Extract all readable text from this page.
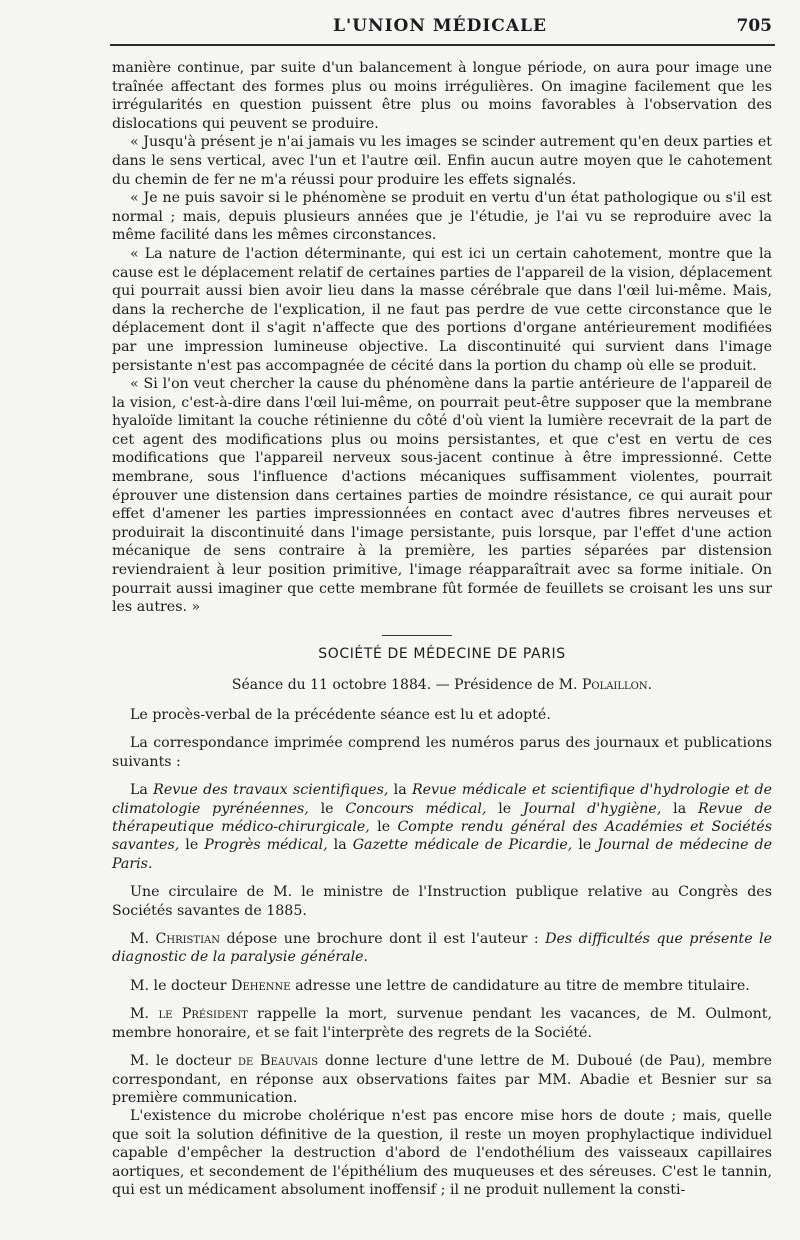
L'UNION MÉDICALE	705

manière continue, par suite d'un balancement à longue période, on aura pour image une traînée affectant des formes plus ou moins irrégulières. On imagine facilement que les irrégularités en question puissent être plus ou moins favorables à l'observation des dislocations qui peuvent se produire.

« Jusqu'à présent je n'ai jamais vu les images se scinder autrement qu'en deux parties et dans le sens vertical, avec l'un et l'autre œil. Enfin aucun autre moyen que le cahotement du chemin de fer ne m'a réussi pour produire les effets signalés.

« Je ne puis savoir si le phénomène se produit en vertu d'un état pathologique ou s'il est normal ; mais, depuis plusieurs années que je l'étudie, je l'ai vu se reproduire avec la même facilité dans les mêmes circonstances.

« La nature de l'action déterminante, qui est ici un certain cahotement, montre que la cause est le déplacement relatif de certaines parties de l'appareil de la vision, déplacement qui pourrait aussi bien avoir lieu dans la masse cérébrale que dans l'œil lui-même. Mais, dans la recherche de l'explication, il ne faut pas perdre de vue cette circonstance que le déplacement dont il s'agit n'affecte que des portions d'organe antérieurement modifiées par une impression lumineuse objective. La discontinuité qui survient dans l'image persistante n'est pas accompagnée de cécité dans la portion du champ où elle se produit.

« Si l'on veut chercher la cause du phénomène dans la partie antérieure de l'appareil de la vision, c'est-à-dire dans l'œil lui-même, on pourrait peut-être supposer que la membrane hyaloïde limitant la couche rétinienne du côté d'où vient la lumière recevrait de la part de cet agent des modifications plus ou moins persistantes, et que c'est en vertu de ces modifications que l'appareil nerveux sous-jacent continue à être impressionné. Cette membrane, sous l'influence d'actions mécaniques suffisamment violentes, pourrait éprouver une distension dans certaines parties de moindre résistance, ce qui aurait pour effet d'amener les parties impressionnées en contact avec d'autres fibres nerveuses et produirait la discontinuité dans l'image persistante, puis lorsque, par l'effet d'une action mécanique de sens contraire à la première, les parties séparées par distension reviendraient à leur position primitive, l'image réapparaîtrait avec sa forme initiale. On pourrait aussi imaginer que cette membrane fût formée de feuillets se croisant les uns sur les autres. »

SOCIÉTÉ DE MÉDECINE DE PARIS
Séance du 11 octobre 1884. — Présidence de M. Polaillon.

Le procès-verbal de la précédente séance est lu et adopté.

La correspondance imprimée comprend les numéros parus des journaux et publications suivants :

La Revue des travaux scientifiques, la Revue médicale et scientifique d'hydrologie et de climatologie pyrénéennes, le Concours médical, le Journal d'hygiène, la Revue de thérapeutique médico-chirurgicale, le Compte rendu général des Académies et Sociétés savantes, le Progrès médical, la Gazette médicale de Picardie, le Journal de médecine de Paris.

Une circulaire de M. le ministre de l'Instruction publique relative au Congrès des Sociétés savantes de 1885.

M. Christian dépose une brochure dont il est l'auteur : Des difficultés que présente le diagnostic de la paralysie générale.

M. le docteur Dehenne adresse une lettre de candidature au titre de membre titulaire.

M. le Président rappelle la mort, survenue pendant les vacances, de M. Oulmont, membre honoraire, et se fait l'interprète des regrets de la Société.

M. le docteur de Beauvais donne lecture d'une lettre de M. Duboué (de Pau), membre correspondant, en réponse aux observations faites par MM. Abadie et Besnier sur sa première communication.

L'existence du microbe cholérique n'est pas encore mise hors de doute ; mais, quelle que soit la solution définitive de la question, il reste un moyen prophylactique individuel capable d'empêcher la destruction d'abord de l'endothélium des vaisseaux capillaires aortiques, et secondement de l'épithélium des muqueuses et des séreuses. C'est le tannin, qui est un médicament absolument inoffensif ; il ne produit nullement la consti-
